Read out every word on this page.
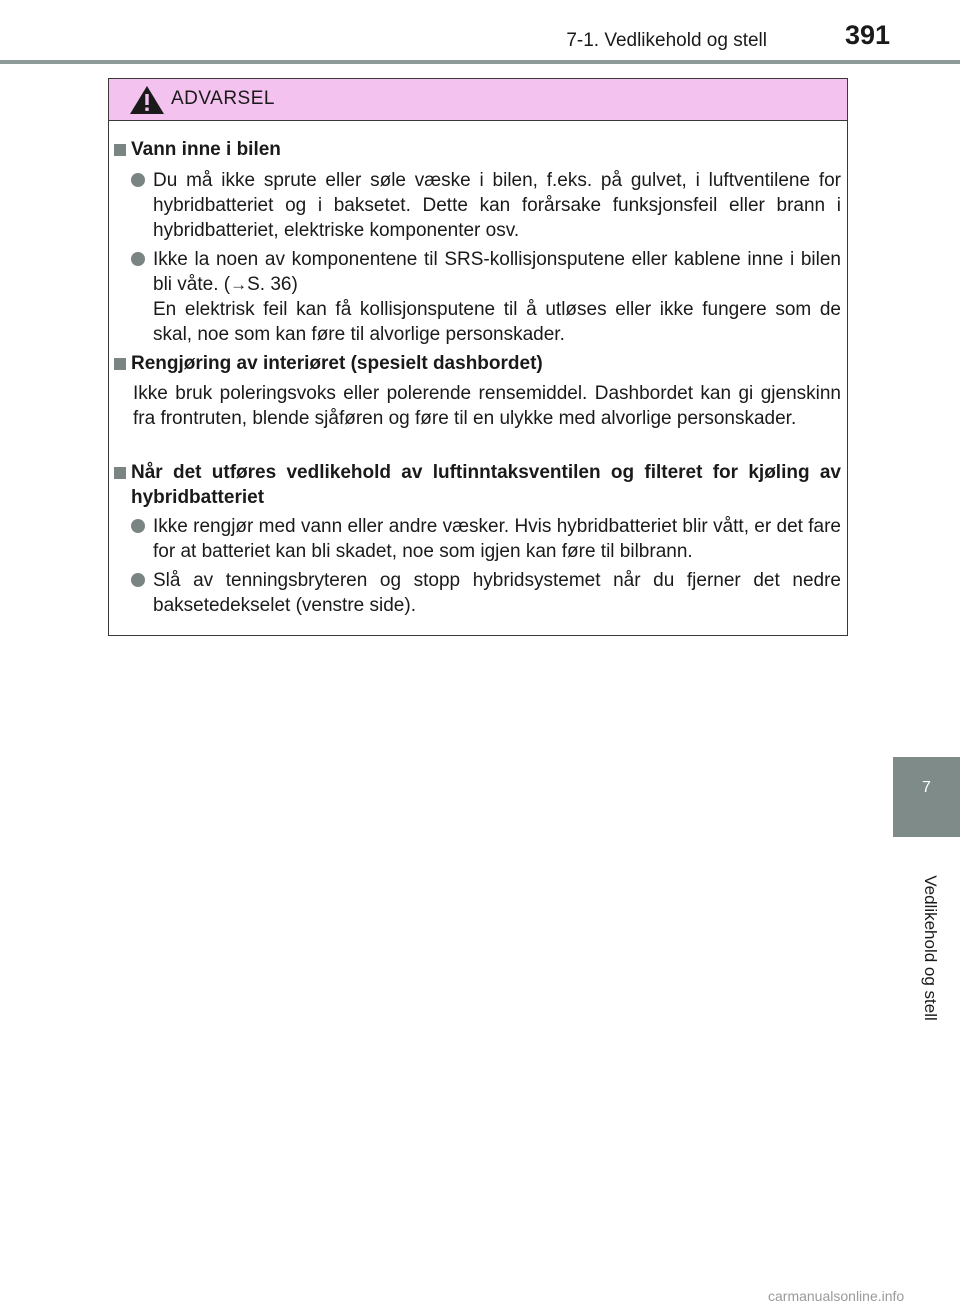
7-1. Vedlikehold og stell	391
7
Vedlikehold og stell
ADVARSEL
Vann inne i bilen
Du må ikke sprute eller søle væske i bilen, f.eks. på gulvet, i luftventilene for hybridbatteriet og i baksetet. Dette kan forårsake funksjonsfeil eller brann i hybridbatteriet, elektriske komponenter osv.
Ikke la noen av komponentene til SRS-kollisjonsputene eller kablene inne i bilen bli våte. (→S. 36)
En elektrisk feil kan få kollisjonsputene til å utløses eller ikke fungere som de skal, noe som kan føre til alvorlige personskader.
Rengjøring av interiøret (spesielt dashbordet)
Ikke bruk poleringsvoks eller polerende rensemiddel. Dashbordet kan gi gjenskinn fra frontruten, blende sjåføren og føre til en ulykke med alvorlige personskader.
Når det utføres vedlikehold av luftinntaksventilen og filteret for kjøling av hybridbatteriet
Ikke rengjør med vann eller andre væsker. Hvis hybridbatteriet blir vått, er det fare for at batteriet kan bli skadet, noe som igjen kan føre til bilbrann.
Slå av tenningsbryteren og stopp hybridsystemet når du fjerner det nedre baksetedekselet (venstre side).
carmanualsonline.info
